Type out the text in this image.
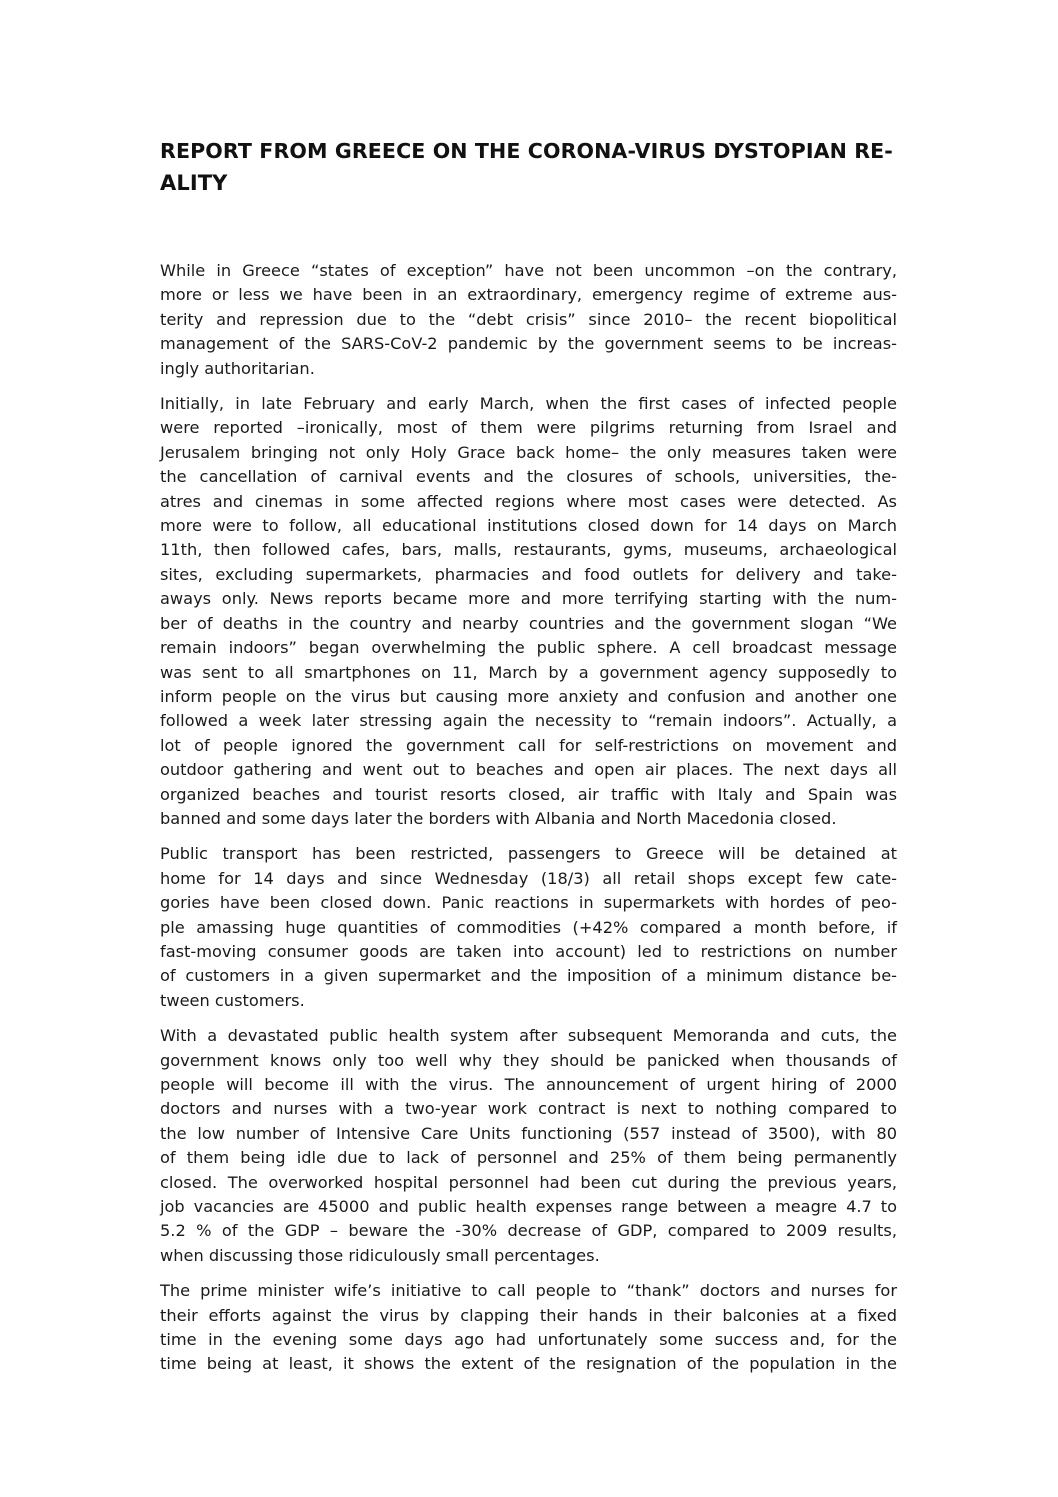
REPORT FROM GREECE ON THE CORONA-VIRUS DYSTOPIAN RE-
ALITY

While in Greece “states of exception” have not been uncommon –on the contrary,
more or less we have been in an extraordinary, emergency regime of extreme aus-
terity and repression due to the “debt crisis” since 2010– the recent biopolitical
management of the SARS-CoV-2 pandemic by the government seems to be increas-
ingly authoritarian.

Initially, in late February and early March, when the first cases of infected people
were reported –ironically, most of them were pilgrims returning from Israel and
Jerusalem bringing not only Holy Grace back home– the only measures taken were
the cancellation of carnival events and the closures of schools, universities, the-
atres and cinemas in some affected regions where most cases were detected. As
more were to follow, all educational institutions closed down for 14 days on March
11th, then followed cafes, bars, malls, restaurants, gyms, museums, archaeological
sites, excluding supermarkets, pharmacies and food outlets for delivery and take-
aways only. News reports became more and more terrifying starting with the num-
ber of deaths in the country and nearby countries and the government slogan “We
remain indoors” began overwhelming the public sphere. A cell broadcast message
was sent to all smartphones on 11, March by a government agency supposedly to
inform people on the virus but causing more anxiety and confusion and another one
followed a week later stressing again the necessity to “remain indoors”. Actually, a
lot of people ignored the government call for self-restrictions on movement and
outdoor gathering and went out to beaches and open air places. The next days all
organized beaches and tourist resorts closed, air traffic with Italy and Spain was
banned and some days later the borders with Albania and North Macedonia closed.

Public transport has been restricted, passengers to Greece will be detained at
home for 14 days and since Wednesday (18/3) all retail shops except few cate-
gories have been closed down. Panic reactions in supermarkets with hordes of peo-
ple amassing huge quantities of commodities (+42% compared a month before, if
fast-moving consumer goods are taken into account) led to restrictions on number
of customers in a given supermarket and the imposition of a minimum distance be-
tween customers.

With a devastated public health system after subsequent Memoranda and cuts, the
government knows only too well why they should be panicked when thousands of
people will become ill with the virus. The announcement of urgent hiring of 2000
doctors and nurses with a two-year work contract is next to nothing compared to
the low number of Intensive Care Units functioning (557 instead of 3500), with 80
of them being idle due to lack of personnel and 25% of them being permanently
closed. The overworked hospital personnel had been cut during the previous years,
job vacancies are 45000 and public health expenses range between a meagre 4.7 to
5.2 % of the GDP – beware the -30% decrease of GDP, compared to 2009 results,
when discussing those ridiculously small percentages.

The prime minister wife’s initiative to call people to “thank” doctors and nurses for
their efforts against the virus by clapping their hands in their balconies at a fixed
time in the evening some days ago had unfortunately some success and, for the
time being at least, it shows the extent of the resignation of the population in the
